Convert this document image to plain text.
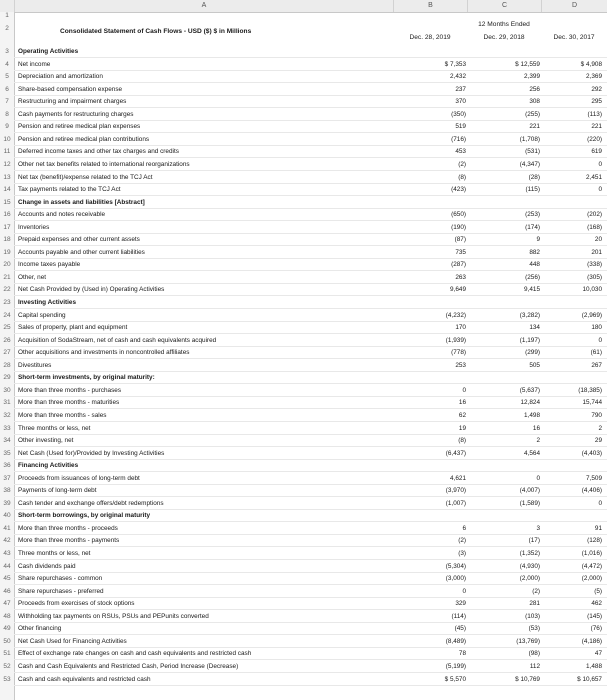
A	B	C	D
1
2
3
4
5
6
7
8
9
10
11
12
13
14
15
16
17
18
19
20
21
22
23
24
25
26
27
28
29
30
31
32
33
34
35
36
37
38
39
40
41
42
43
44
45
46
47
48
49
50
51
52
53
Consolidated Statement of Cash Flows - USD ($) $ in Millions
12 Months Ended
Dec. 28, 2019	Dec. 29, 2018	Dec. 30, 2017
Operating Activities
Net income	$ 7,353	$ 12,559	$ 4,908
Depreciation and amortization	2,432	2,399	2,369
Share-based compensation expense	237	256	292
Restructuring and impairment charges	370	308	295
Cash payments for restructuring charges	(350)	(255)	(113)
Pension and retiree medical plan expenses	519	221	221
Pension and retiree medical plan contributions	(716)	(1,708)	(220)
Deferred income taxes and other tax charges and credits	453	(531)	619
Other net tax benefits related to international reorganizations	(2)	(4,347)	0
Net tax (benefit)/expense related to the TCJ Act	(8)	(28)	2,451
Tax payments related to the TCJ Act	(423)	(115)	0
Change in assets and liabilities [Abstract]
Accounts and notes receivable	(650)	(253)	(202)
Inventories	(190)	(174)	(168)
Prepaid expenses and other current assets	(87)	9	20
Accounts payable and other current liabilities	735	882	201
Income taxes payable	(287)	448	(338)
Other, net	263	(256)	(305)
Net Cash Provided by (Used in) Operating Activities	9,649	9,415	10,030
Investing Activities
Capital spending	(4,232)	(3,282)	(2,969)
Sales of property, plant and equipment	170	134	180
Acquisition of SodaStream, net of cash and cash equivalents acquired	(1,939)	(1,197)	0
Other acquisitions and investments in noncontrolled affiliates	(778)	(299)	(61)
Divestitures	253	505	267
Short-term investments, by original maturity:
More than three months - purchases	0	(5,637)	(18,385)
More than three months - maturities	16	12,824	15,744
More than three months - sales	62	1,498	790
Three months or less, net	19	16	2
Other investing, net	(8)	2	29
Net Cash (Used for)/Provided by Investing Activities	(6,437)	4,564	(4,403)
Financing Activities
Proceeds from issuances of long-term debt	4,621	0	7,509
Payments of long-term debt	(3,970)	(4,007)	(4,406)
Cash tender and exchange offers/debt redemptions	(1,007)	(1,589)	0
Short-term borrowings, by original maturity
More than three months - proceeds	6	3	91
More than three months - payments	(2)	(17)	(128)
Three months or less, net	(3)	(1,352)	(1,016)
Cash dividends paid	(5,304)	(4,930)	(4,472)
Share repurchases - common	(3,000)	(2,000)	(2,000)
Share repurchases - preferred	0	(2)	(5)
Proceeds from exercises of stock options	329	281	462
Withholding tax payments on RSUs, PSUs and PEPunits converted	(114)	(103)	(145)
Other financing	(45)	(53)	(76)
Net Cash Used for Financing Activities	(8,489)	(13,769)	(4,186)
Effect of exchange rate changes on cash and cash equivalents and restricted cash	78	(98)	47
Cash and Cash Equivalents and Restricted Cash, Period Increase (Decrease)	(5,199)	112	1,488
Cash and cash equivalents and restricted cash	$ 5,570	$ 10,769	$ 10,657
